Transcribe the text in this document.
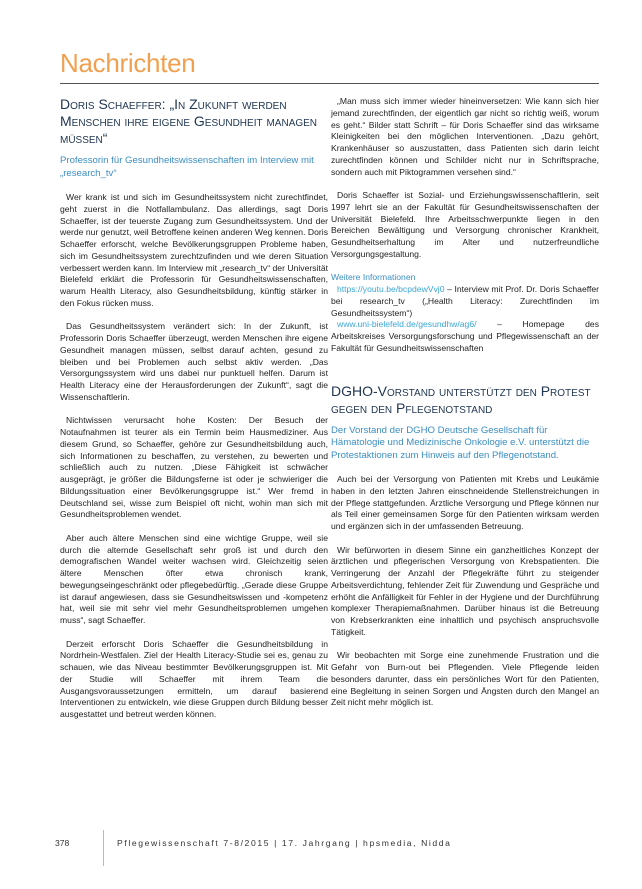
Nachrichten
Doris Schaeffer: „In Zukunft werden Menschen ihre eigene Gesundheit managen müssen“
Professorin für Gesundheitswissenschaften im Interview mit „research_tv“

Wer krank ist und sich im Gesundheitssystem nicht zurechtfindet, geht zuerst in die Notfallambulanz. Das allerdings, sagt Doris Schaeffer, ist der teuerste Zugang zum Gesundheitssystem. Und der werde nur genutzt, weil Betroffene keinen anderen Weg kennen. Doris Schaeffer erforscht, welche Bevölkerungsgruppen Probleme haben, sich im Gesundheitssystem zurechtzufinden und wie deren Situation verbessert werden kann. Im Interview mit „research_tv“ der Universität Bielefeld erklärt die Professorin für Gesundheitswissenschaften, warum Health Literacy, also Gesundheitsbildung, künftig stärker in den Fokus rücken muss.

Das Gesundheitssystem verändert sich: In der Zukunft, ist Professorin Doris Schaeffer überzeugt, werden Menschen ihre eigene Gesundheit managen müssen, selbst darauf achten, gesund zu bleiben und bei Problemen auch selbst aktiv werden. „Das Versorgungssystem wird uns dabei nur punktuell helfen. Darum ist Health Literacy eine der Herausforderungen der Zukunft“, sagt die Wissenschaftlerin.

Nichtwissen verursacht hohe Kosten: Der Besuch der Notaufnahmen ist teurer als ein Termin beim Hausmediziner. Aus diesem Grund, so Schaeffer, gehöre zur Gesundheitsbildung auch, sich Informationen zu beschaffen, zu verstehen, zu bewerten und schließlich auch zu nutzen. „Diese Fähigkeit ist schwächer ausgeprägt, je größer die Bildungsferne ist oder je schwieriger die Bildungssituation einer Bevölkerungsgruppe ist.“ Wer fremd in Deutschland sei, wisse zum Beispiel oft nicht, wohin man sich mit Gesundheitsproblemen wendet.

Aber auch ältere Menschen sind eine wichtige Gruppe, weil sie durch die alternde Gesellschaft sehr groß ist und durch den demografischen Wandel weiter wachsen wird. Gleichzeitig seien ältere Menschen öfter etwa chronisch krank, bewegungseingeschränkt oder pflegebedürftig. „Gerade diese Gruppe ist darauf angewiesen, dass sie Gesundheitswissen und -kompetenz hat, weil sie mit sehr viel mehr Gesundheitsproblemen umgehen muss“, sagt Schaeffer.

Derzeit erforscht Doris Schaeffer die Gesundheitsbildung in Nordrhein-Westfalen. Ziel der Health Literacy-Studie sei es, genau zu schauen, wie das Niveau bestimmter Bevölkerungsgruppen ist. Mit der Studie will Schaeffer mit ihrem Team die Ausgangsvoraussetzungen ermitteln, um darauf basierend Interventionen zu entwickeln, wie diese Gruppen durch Bildung besser ausgestattet und betreut werden können.

„Man muss sich immer wieder hineinversetzen: Wie kann sich hier jemand zurechtfinden, der eigentlich gar nicht so richtig weiß, worum es geht.“ Bilder statt Schrift – für Doris Schaeffer sind das wirksame Kleinigkeiten bei den möglichen Interventionen. „Dazu gehört, Krankenhäuser so auszustatten, dass Patienten sich darin leicht zurechtfinden können und Schilder nicht nur in Schriftsprache, sondern auch mit Piktogrammen versehen sind.“

Doris Schaeffer ist Sozial- und Erziehungswissenschaftlerin, seit 1997 lehrt sie an der Fakultät für Gesundheitswissenschaften der Universität Bielefeld. Ihre Arbeitsschwerpunkte liegen in den Bereichen Bewältigung und Versorgung chronischer Krankheit, Gesundheitserhaltung im Alter und nutzerfreundliche Versorgungsgestaltung.

Weitere Informationen
https://youtu.be/bcpdewVvj0 – Interview mit Prof. Dr. Doris Schaeffer bei research_tv („Health Literacy: Zurechtfinden im Gesundheitssystem“)
www.uni-bielefeld.de/gesundhw/ag6/ – Homepage des Arbeitskreises Versorgungsforschung und Pflegewissenschaft an der Fakultät für Gesundheitswissenschaften
DGHO-Vorstand unterstützt den Protest gegen den Pflegenotstand
Der Vorstand der DGHO Deutsche Gesellschaft für Hämatologie und Medizinische Onkologie e.V. unterstützt die Protestaktionen zum Hinweis auf den Pflegenotstand.

Auch bei der Versorgung von Patienten mit Krebs und Leukämie haben in den letzten Jahren einschneidende Stellenstreichungen in der Pflege stattgefunden. Ärztliche Versorgung und Pflege können nur als Teil einer gemeinsamen Sorge für den Patienten wirksam werden und ergänzen sich in der umfassenden Betreuung.

Wir befürworten in diesem Sinne ein ganzheitliches Konzept der ärztlichen und pflegerischen Versorgung von Krebspatienten. Die Verringerung der Anzahl der Pflegekräfte führt zu steigender Arbeitsverdichtung, fehlender Zeit für Zuwendung und Gespräche und erhöht die Anfälligkeit für Fehler in der Hygiene und der Durchführung komplexer Therapiemaßnahmen. Darüber hinaus ist die Betreuung von Krebserkrankten eine inhaltlich und psychisch anspruchsvolle Tätigkeit.

Wir beobachten mit Sorge eine zunehmende Frustration und die Gefahr von Burn-out bei Pflegenden. Viele Pflegende leiden besonders darunter, dass ein persönliches Wort für den Patienten, eine Begleitung in seinen Sorgen und Ängsten durch den Mangel an Zeit nicht mehr möglich ist.

378	Pflegewissenschaft 7-8/2015 | 17. Jahrgang | hpsmedia, Nidda
